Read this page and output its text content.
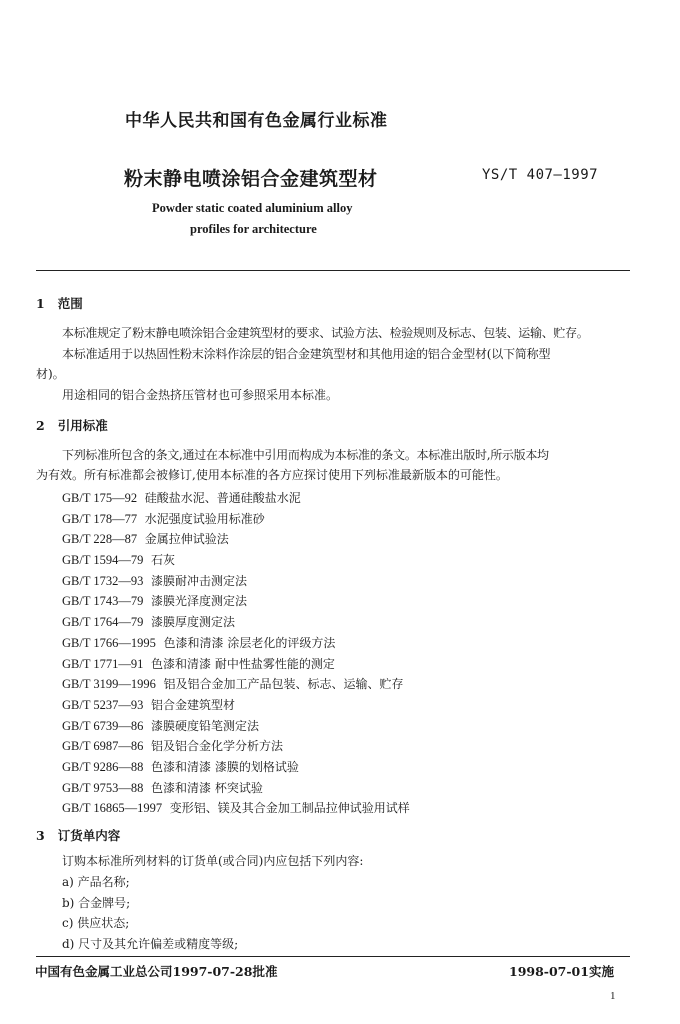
中华人民共和国有色金属行业标准
粉末静电喷涂铝合金建筑型材	YS/T 407—1997
Powder static coated aluminium alloy
profiles for architecture
1 范围
本标准规定了粉末静电喷涂铝合金建筑型材的要求、试验方法、检验规则及标志、包装、运输、贮存。
本标准适用于以热固性粉末涂料作涂层的铝合金建筑型材和其他用途的铝合金型材(以下简称型
材)。
用途相同的铝合金热挤压管材也可参照采用本标准。
2 引用标准
下列标准所包含的条文,通过在本标准中引用而构成为本标准的条文。本标准出版时,所示版本均
为有效。所有标准都会被修订,使用本标准的各方应探讨使用下列标准最新版本的可能性。
GB/T 175—92 硅酸盐水泥、普通硅酸盐水泥
GB/T 178—77 水泥强度试验用标准砂
GB/T 228—87 金属拉伸试验法
GB/T 1594—79 石灰
GB/T 1732—93 漆膜耐冲击测定法
GB/T 1743—79 漆膜光泽度测定法
GB/T 1764—79 漆膜厚度测定法
GB/T 1766—1995 色漆和清漆 涂层老化的评级方法
GB/T 1771—91 色漆和清漆 耐中性盐雾性能的测定
GB/T 3199—1996 铝及铝合金加工产品包装、标志、运输、贮存
GB/T 5237—93 铝合金建筑型材
GB/T 6739—86 漆膜硬度铅笔测定法
GB/T 6987—86 铝及铝合金化学分析方法
GB/T 9286—88 色漆和清漆 漆膜的划格试验
GB/T 9753—88 色漆和清漆 杯突试验
GB/T 16865—1997 变形铝、镁及其合金加工制品拉伸试验用试样
3 订货单内容
订购本标准所列材料的订货单(或合同)内应包括下列内容:
a) 产品名称;
b) 合金牌号;
c) 供应状态;
d) 尺寸及其允许偏差或精度等级;
中国有色金属工业总公司1997-07-28批准	1998-07-01实施
1
